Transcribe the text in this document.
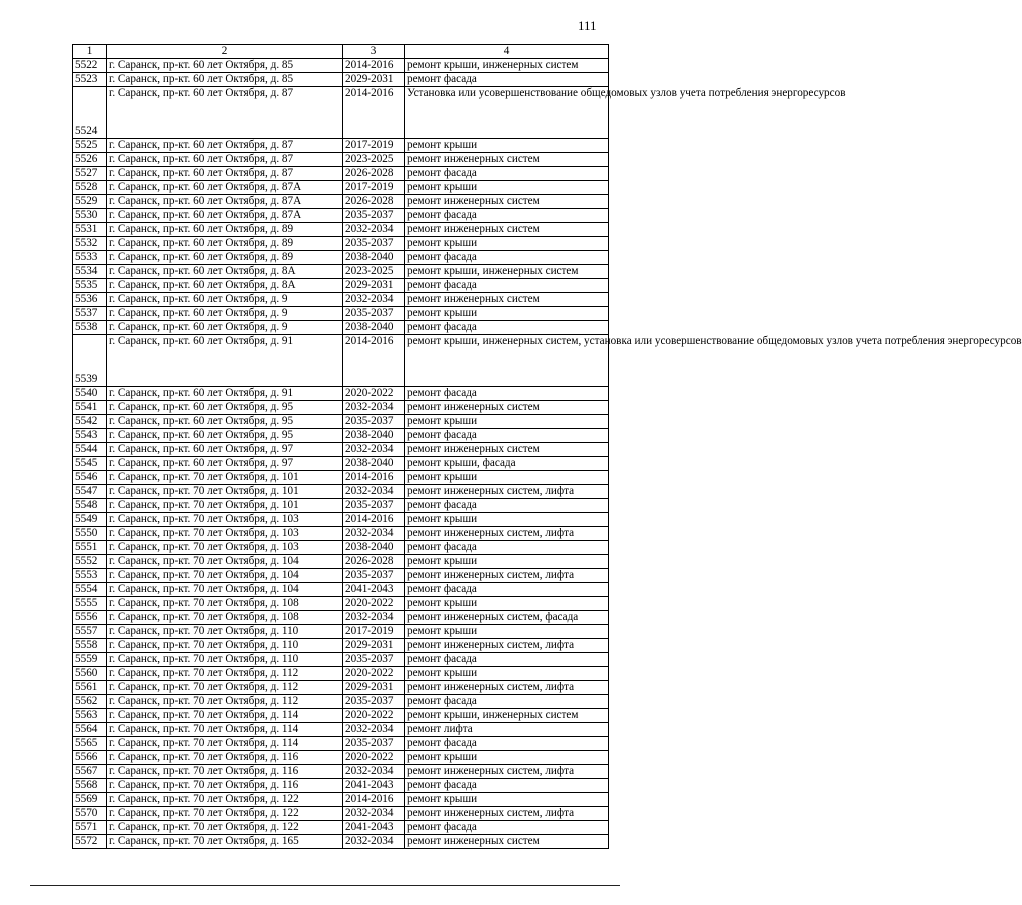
111
1	2	3	4
5522	г. Саранск, пр-кт. 60 лет Октября, д. 85	2014-2016	ремонт крыши, инженерных систем
5523	г. Саранск, пр-кт. 60 лет Октября, д. 85	2029-2031	ремонт фасада
5524	г. Саранск, пр-кт. 60 лет Октября, д. 87	2014-2016	Установка или усовершенствование общедомовых узлов учета потребления энергоресурсов
5525	г. Саранск, пр-кт. 60 лет Октября, д. 87	2017-2019	ремонт крыши
5526	г. Саранск, пр-кт. 60 лет Октября, д. 87	2023-2025	ремонт инженерных систем
5527	г. Саранск, пр-кт. 60 лет Октября, д. 87	2026-2028	ремонт фасада
5528	г. Саранск, пр-кт. 60 лет Октября, д. 87А	2017-2019	ремонт крыши
5529	г. Саранск, пр-кт. 60 лет Октября, д. 87А	2026-2028	ремонт инженерных систем
5530	г. Саранск, пр-кт. 60 лет Октября, д. 87А	2035-2037	ремонт фасада
5531	г. Саранск, пр-кт. 60 лет Октября, д. 89	2032-2034	ремонт инженерных систем
5532	г. Саранск, пр-кт. 60 лет Октября, д. 89	2035-2037	ремонт крыши
5533	г. Саранск, пр-кт. 60 лет Октября, д. 89	2038-2040	ремонт фасада
5534	г. Саранск, пр-кт. 60 лет Октября, д. 8А	2023-2025	ремонт крыши, инженерных систем
5535	г. Саранск, пр-кт. 60 лет Октября, д. 8А	2029-2031	ремонт фасада
5536	г. Саранск, пр-кт. 60 лет Октября, д. 9	2032-2034	ремонт инженерных систем
5537	г. Саранск, пр-кт. 60 лет Октября, д. 9	2035-2037	ремонт крыши
5538	г. Саранск, пр-кт. 60 лет Октября, д. 9	2038-2040	ремонт фасада
5539	г. Саранск, пр-кт. 60 лет Октября, д. 91	2014-2016	ремонт крыши, инженерных систем, установка или усовершенствование общедомовых узлов учета потребления энергоресурсов
5540	г. Саранск, пр-кт. 60 лет Октября, д. 91	2020-2022	ремонт фасада
5541	г. Саранск, пр-кт. 60 лет Октября, д. 95	2032-2034	ремонт инженерных систем
5542	г. Саранск, пр-кт. 60 лет Октября, д. 95	2035-2037	ремонт крыши
5543	г. Саранск, пр-кт. 60 лет Октября, д. 95	2038-2040	ремонт фасада
5544	г. Саранск, пр-кт. 60 лет Октября, д. 97	2032-2034	ремонт инженерных систем
5545	г. Саранск, пр-кт. 60 лет Октября, д. 97	2038-2040	ремонт крыши, фасада
5546	г. Саранск, пр-кт. 70 лет Октября, д. 101	2014-2016	ремонт крыши
5547	г. Саранск, пр-кт. 70 лет Октября, д. 101	2032-2034	ремонт инженерных систем, лифта
5548	г. Саранск, пр-кт. 70 лет Октября, д. 101	2035-2037	ремонт фасада
5549	г. Саранск, пр-кт. 70 лет Октября, д. 103	2014-2016	ремонт крыши
5550	г. Саранск, пр-кт. 70 лет Октября, д. 103	2032-2034	ремонт инженерных систем, лифта
5551	г. Саранск, пр-кт. 70 лет Октября, д. 103	2038-2040	ремонт фасада
5552	г. Саранск, пр-кт. 70 лет Октября, д. 104	2026-2028	ремонт крыши
5553	г. Саранск, пр-кт. 70 лет Октября, д. 104	2035-2037	ремонт инженерных систем, лифта
5554	г. Саранск, пр-кт. 70 лет Октября, д. 104	2041-2043	ремонт фасада
5555	г. Саранск, пр-кт. 70 лет Октября, д. 108	2020-2022	ремонт крыши
5556	г. Саранск, пр-кт. 70 лет Октября, д. 108	2032-2034	ремонт инженерных систем, фасада
5557	г. Саранск, пр-кт. 70 лет Октября, д. 110	2017-2019	ремонт крыши
5558	г. Саранск, пр-кт. 70 лет Октября, д. 110	2029-2031	ремонт инженерных систем, лифта
5559	г. Саранск, пр-кт. 70 лет Октября, д. 110	2035-2037	ремонт фасада
5560	г. Саранск, пр-кт. 70 лет Октября, д. 112	2020-2022	ремонт крыши
5561	г. Саранск, пр-кт. 70 лет Октября, д. 112	2029-2031	ремонт инженерных систем, лифта
5562	г. Саранск, пр-кт. 70 лет Октября, д. 112	2035-2037	ремонт фасада
5563	г. Саранск, пр-кт. 70 лет Октября, д. 114	2020-2022	ремонт крыши, инженерных систем
5564	г. Саранск, пр-кт. 70 лет Октября, д. 114	2032-2034	ремонт лифта
5565	г. Саранск, пр-кт. 70 лет Октября, д. 114	2035-2037	ремонт фасада
5566	г. Саранск, пр-кт. 70 лет Октября, д. 116	2020-2022	ремонт крыши
5567	г. Саранск, пр-кт. 70 лет Октября, д. 116	2032-2034	ремонт инженерных систем, лифта
5568	г. Саранск, пр-кт. 70 лет Октября, д. 116	2041-2043	ремонт фасада
5569	г. Саранск, пр-кт. 70 лет Октября, д. 122	2014-2016	ремонт крыши
5570	г. Саранск, пр-кт. 70 лет Октября, д. 122	2032-2034	ремонт инженерных систем, лифта
5571	г. Саранск, пр-кт. 70 лет Октября, д. 122	2041-2043	ремонт фасада
5572	г. Саранск, пр-кт. 70 лет Октября, д. 165	2032-2034	ремонт инженерных систем
